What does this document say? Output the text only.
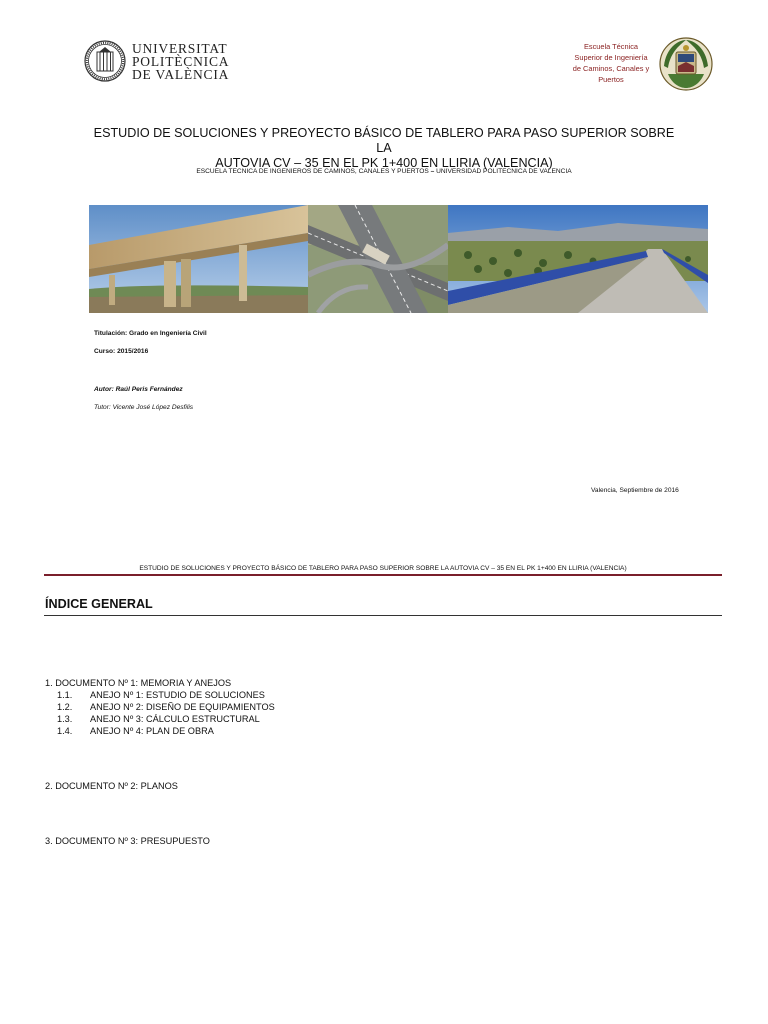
UNIVERSITAT
POLITÈCNICA
DE VALÈNCIA
Escuela Técnica
Superior de Ingeniería
de Caminos, Canales y
Puertos
ESTUDIO DE SOLUCIONES Y PREOYECTO BÁSICO DE TABLERO PARA PASO SUPERIOR SOBRE LA
AUTOVIA CV – 35 EN EL PK 1+400 EN LLIRIA (VALENCIA)
ESCUELA TECNICA DE INGENIEROS DE CAMINOS, CANALES Y PUERTOS – UNIVERSIDAD POLITECNICA DE VALENCIA
Titulación: Grado en Ingeniería Civil
Curso: 2015/2016
Autor: Raúl Peris Fernández
Tutor: Vicente José López Desfilis
Valencia, Septiembre de 2016
ESTUDIO DE SOLUCIONES Y PROYECTO BÁSICO DE TABLERO PARA PASO SUPERIOR SOBRE LA AUTOVIA CV – 35 EN EL PK 1+400 EN LLIRIA (VALENCIA)
ÍNDICE GENERAL
1. DOCUMENTO Nº 1: MEMORIA Y ANEJOS
1.1. ANEJO Nº 1: ESTUDIO DE SOLUCIONES
1.2. ANEJO Nº 2: DISEÑO DE EQUIPAMIENTOS
1.3. ANEJO Nº 3: CÁLCULO ESTRUCTURAL
1.4. ANEJO Nº 4: PLAN DE OBRA
2. DOCUMENTO Nº 2: PLANOS
3. DOCUMENTO Nº 3: PRESUPUESTO
